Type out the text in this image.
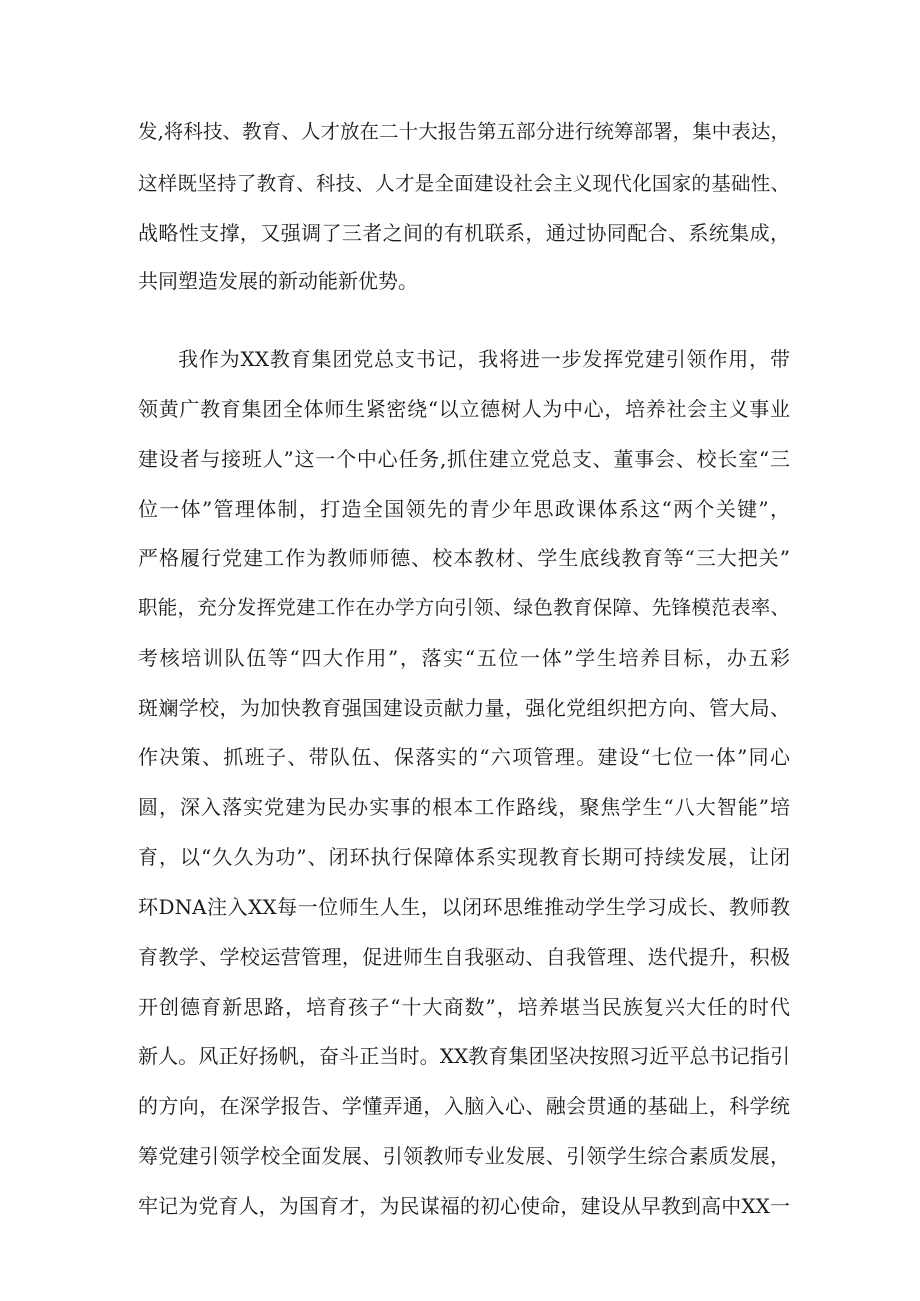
发,将科技、教育、人才放在二十大报告第五部分进行统筹部署，集中表达，
这样既坚持了教育、科技、人才是全面建设社会主义现代化国家的基础性、
战略性支撑，又强调了三者之间的有机联系，通过协同配合、系统集成，
共同塑造发展的新动能新优势。
我作为XX教育集团党总支书记，我将进一步发挥党建引领作用，带
领黄广教育集团全体师生紧密绕“以立德树人为中心，培养社会主义事业
建设者与接班人”这一个中心任务,抓住建立党总支、董事会、校长室“三
位一体”管理体制，打造全国领先的青少年思政课体系这“两个关键”，
严格履行党建工作为教师师德、校本教材、学生底线教育等“三大把关”
职能，充分发挥党建工作在办学方向引领、绿色教育保障、先锋模范表率、
考核培训队伍等“四大作用”，落实“五位一体”学生培养目标，办五彩
斑斓学校，为加快教育强国建设贡献力量，强化党组织把方向、管大局、
作决策、抓班子、带队伍、保落实的“六项管理。建设“七位一体”同心
圆，深入落实党建为民办实事的根本工作路线，聚焦学生“八大智能”培
育，以“久久为功”、闭环执行保障体系实现教育长期可持续发展，让闭
环DNA注入XX每一位师生人生，以闭环思维推动学生学习成长、教师教
育教学、学校运营管理，促进师生自我驱动、自我管理、迭代提升，积极
开创德育新思路，培育孩子“十大商数”，培养堪当民族复兴大任的时代
新人。风正好扬帆，奋斗正当时。XX教育集团坚决按照习近平总书记指引
的方向，在深学报告、学懂弄通，入脑入心、融会贯通的基础上，科学统
筹党建引领学校全面发展、引领教师专业发展、引领学生综合素质发展，
牢记为党育人，为国育才，为民谋福的初心使命，建设从早教到高中XX一
